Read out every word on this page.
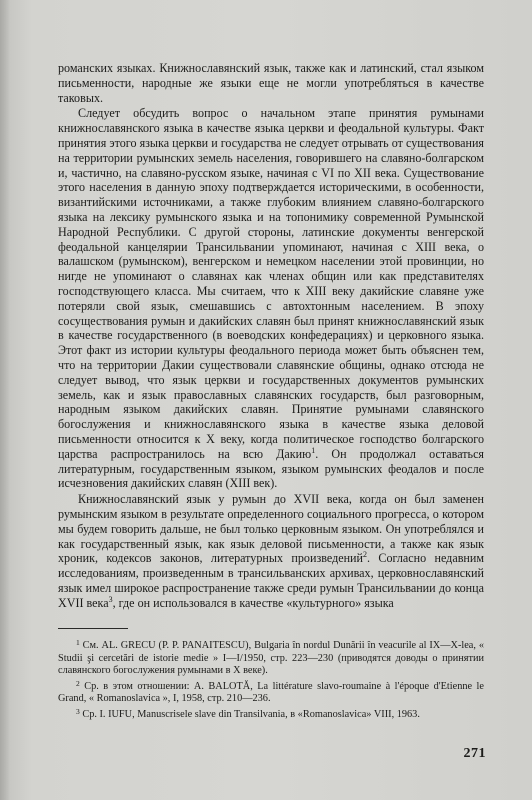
романских языках. Книжнославянский язык, также как и латинский, стал языком письменности, народные же языки еще не могли употребляться в качестве таковых.

Следует обсудить вопрос о начальном этапе принятия румынами книжнославянского языка в качестве языка церкви и феодальной культуры. Факт принятия этого языка церкви и государства не следует отрывать от существования на территории румынских земель населения, говорившего на славяно-болгарском и, частично, на славяно-русском языке, начиная с VI по XII века. Существование этого населения в данную эпоху подтверждается историческими, в особенности, византийскими источниками, а также глубоким влиянием славяно-болгарского языка на лексику румынского языка и на топонимику современной Румынской Народной Республики. С другой стороны, латинские документы венгерской феодальной канцелярии Трансильвании упоминают, начиная с XIII века, о валашском (румынском), венгерском и немецком населении этой провинции, но нигде не упоминают о славянах как членах общин или как представителях господствующего класса. Мы считаем, что к XIII веку дакийские славяне уже потеряли свой язык, смешавшись с автохтонным населением. В эпоху сосуществования румын и дакийских славян был принят книжнославянский язык в качестве государственного (в воеводских конфедерациях) и церковного языка. Этот факт из истории культуры феодального периода может быть объяснен тем, что на территории Дакии существовали славянские общины, однако отсюда не следует вывод, что язык церкви и государственных документов румынских земель, как и язык православных славянских государств, был разговорным, народным языком дакийских славян. Принятие румынами славянского богослужения и книжнославянского языка в качестве языка деловой письменности относится к X веку, когда политическое господство болгарского царства распространилось на всю Дакию$^1$. Он продолжал оставаться литературным, государственным языком, языком румынских феодалов и после исчезновения дакийских славян (XIII век).

Книжнославянский язык у румын до XVII века, когда он был заменен румынским языком в результате определенного социального прогресса, о котором мы будем говорить дальше, не был только церковным языком. Он употреблялся и как государственный язык, как язык деловой письменности, а также как язык хроник, кодексов законов, литературных произведений$^2$. Согласно недавним исследованиям, произведенным в трансильванских архивах, церковнославянский язык имел широкое распространение также среди румын Трансильвании до конца XVII века$^3$, где он использовался в качестве «культурного» языка

$^1$ См. AL. GRECU (P. P. PANAITESCU), Bulgaria în nordul Dunării în veacurile al IX—X-lea, « Studii şi cercetări de istorie medie » I—I/1950, стр. 223—230 (приводятся доводы о принятии славянского богослужения румынами в X веке).

$^2$ Ср. в этом отношении: A. BALOTĂ, La littérature slavo-roumaine à l'époque d'Etienne le Grand, « Romanoslavica », I, 1958, стр. 210—236.

$^3$ Ср. I. IUFU, Manuscrisele slave din Transilvania, в «Romanoslavica» VIII, 1963.

271
